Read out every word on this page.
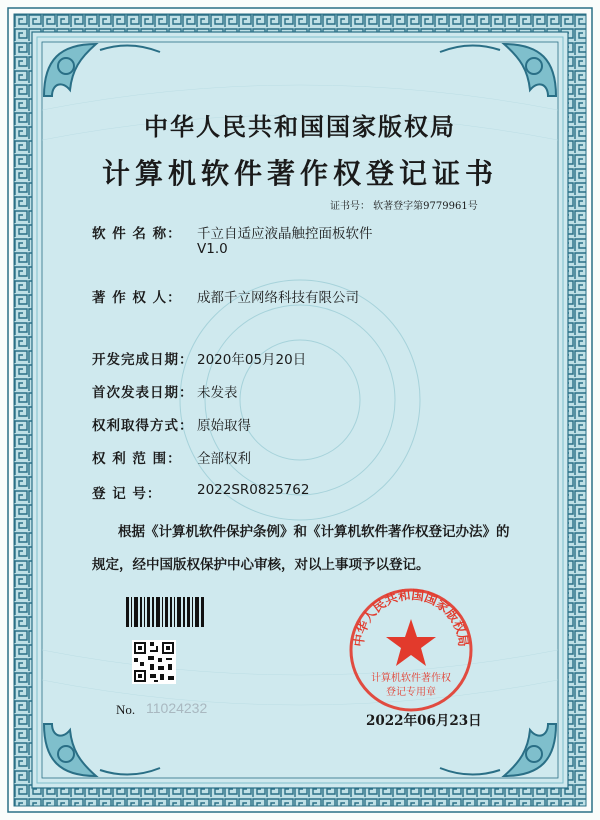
中华人民共和国国家版权局
计算机软件著作权登记证书
证书号： 软著登字第9779961号
软 件 名 称： 千立自适应液晶触控面板软件
V1.0
著 作 权 人： 成都千立网络科技有限公司
开发完成日期： 2020年05月20日
首次发表日期： 未发表
权利取得方式： 原始取得
权 利 范 围： 全部权利
登 记 号：	2022SR0825762
根据《计算机软件保护条例》和《计算机软件著作权登记办法》的
规定，经中国版权保护中心审核，对以上事项予以登记。
No. 11024232
中华人民共和国国家版权局
计算机软件著作权
登记专用章
2022年06月23日
